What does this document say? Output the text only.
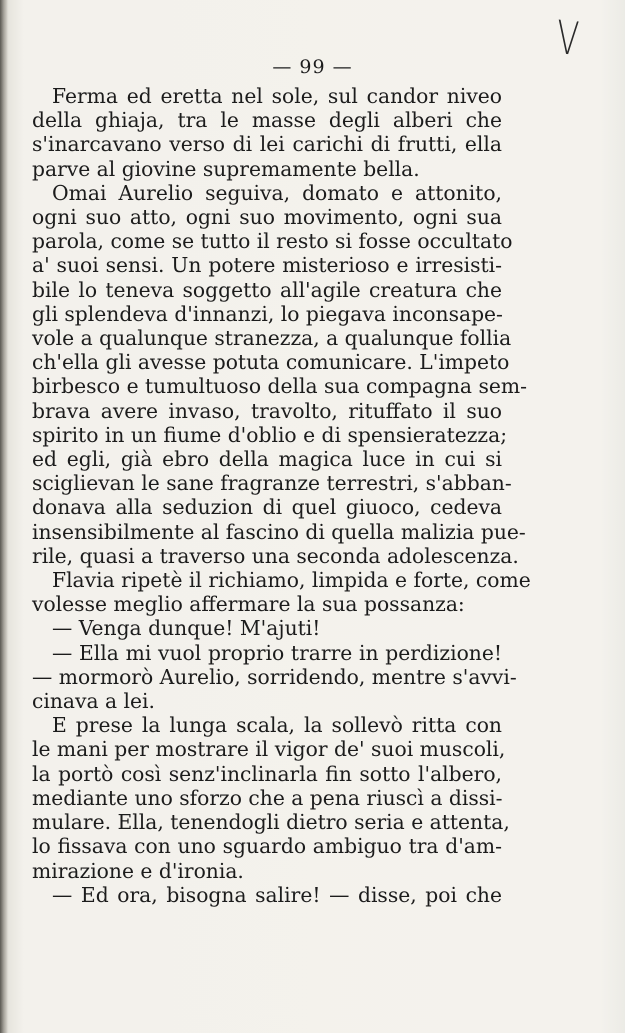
V
— 99 —
Ferma ed eretta nel sole, sul candor niveo
della ghiaja, tra le masse degli alberi che
s'inarcavano verso di lei carichi di frutti, ella
parve al giovine supremamente bella.
Omai Aurelio seguiva, domato e attonito,
ogni suo atto, ogni suo movimento, ogni sua
parola, come se tutto il resto si fosse occultato
a' suoi sensi. Un potere misterioso e irresisti-
bile lo teneva soggetto all'agile creatura che
gli splendeva d'innanzi, lo piegava inconsape-
vole a qualunque stranezza, a qualunque follia
ch'ella gli avesse potuta comunicare. L'impeto
birbesco e tumultuoso della sua compagna sem-
brava avere invaso, travolto, rituffato il suo
spirito in un fiume d'oblio e di spensieratezza;
ed egli, già ebro della magica luce in cui si
sciglievan le sane fragranze terrestri, s'abban-
donava alla seduzion di quel giuoco, cedeva
insensibilmente al fascino di quella malizia pue-
rile, quasi a traverso una seconda adolescenza.
Flavia ripetè il richiamo, limpida e forte, come
volesse meglio affermare la sua possanza:
— Venga dunque! M'ajuti!
— Ella mi vuol proprio trarre in perdizione!
— mormorò Aurelio, sorridendo, mentre s'avvi-
cinava a lei.
E prese la lunga scala, la sollevò ritta con
le mani per mostrare il vigor de' suoi muscoli,
la portò così senz'inclinarla fin sotto l'albero,
mediante uno sforzo che a pena riuscì a dissi-
mulare. Ella, tenendogli dietro seria e attenta,
lo fissava con uno sguardo ambiguo tra d'am-
mirazione e d'ironia.
— Ed ora, bisogna salire! — disse, poi che
